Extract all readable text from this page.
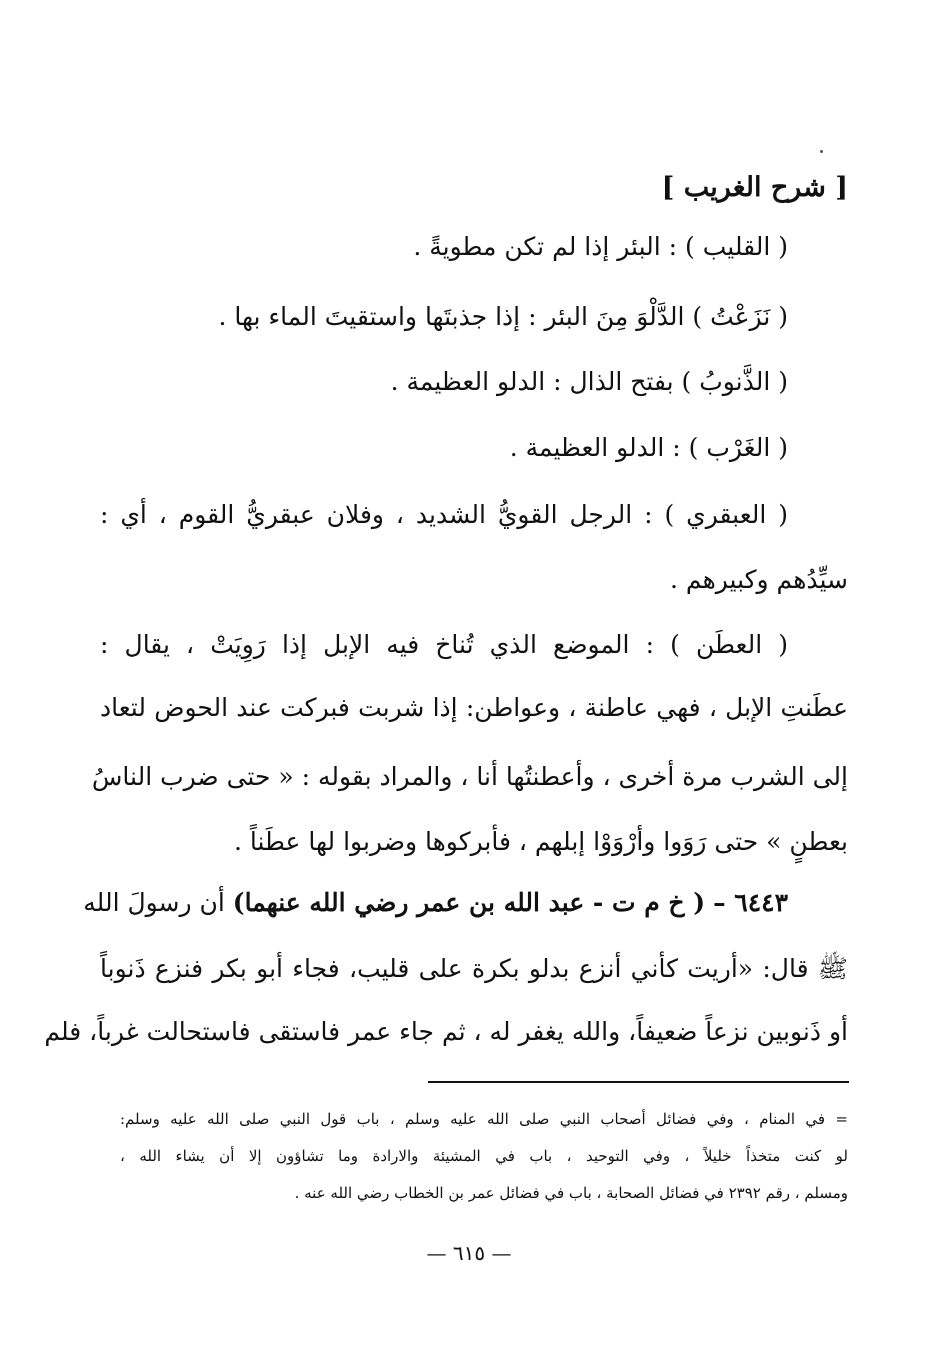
[ شرح الغريب ]
( القليب ) : البئر إذا لم تكن مطويةً .
( نَزَعْتُ ) الدَّلْوَ مِنَ البئر : إذا جذبتَها واستقيتَ الماء بها .
( الذَّنوبُ ) بفتح الذال : الدلو العظيمة .
( الغَرْب ) : الدلو العظيمة .
( العبقري ) : الرجل القويُّ الشديد ، وفلان عبقريُّ القوم ، أي :
سيِّدُهم وكبيرهم .
( العطَن ) : الموضع الذي تُناخ فيه الإبل إذا رَوِيَتْ ، يقال :
عطَنتِ الإبل ، فهي عاطنة ، وعواطن: إذا شربت فبركت عند الحوض لتعاد
إلى الشرب مرة أخرى ، وأعطنتُها أنا ، والمراد بقوله : « حتى ضرب الناسُ
بعطنٍ » حتى رَوَوا وأرْوَوْا إبلهم ، فأبركوها وضربوا لها عطَناً .
٦٤٤٣ – ( خ م ت - عبد الله بن عمر رضي الله عنهما) أن رسولَ الله
ﷺ قال: «أريت كأني أنزع بدلو بكرة على قليب، فجاء أبو بكر فنزع ذَنوباً
أو ذَنوبين نزعاً ضعيفاً، والله يغفر له ، ثم جاء عمر فاستقى فاستحالت غرباً، فلم
= في المنام ، وفي فضائل أصحاب النبي صلى الله عليه وسلم ، باب قول النبي صلى الله عليه وسلم:
لو كنت متخذاً خليلاً ، وفي التوحيد ، باب في المشيئة والارادة وما تشاؤون إلا أن يشاء الله ،
ومسلم ، رقم ٢٣٩٢ في فضائل الصحابة ، باب في فضائل عمر بن الخطاب رضي الله عنه .
— ٦١٥ —
